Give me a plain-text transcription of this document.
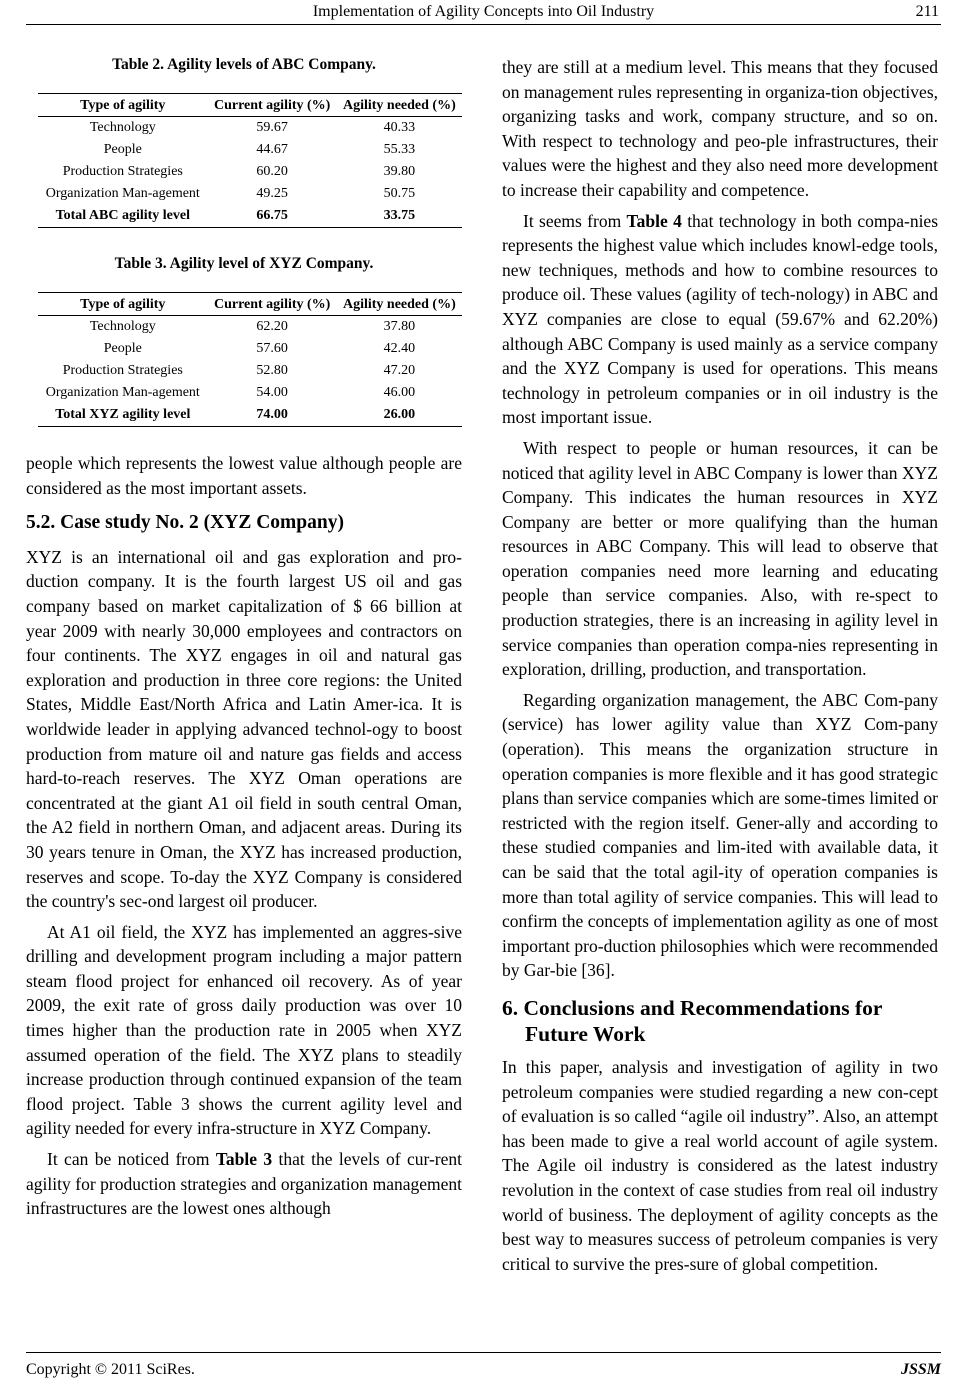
Implementation of Agility Concepts into Oil Industry	211

Table 2. Agility levels of ABC Company.

Type of agility	Current agility (%)	Agility needed (%)
Technology	59.67	40.33
People	44.67	55.33
Production Strategies	60.20	39.80
Organization Man-agement	49.25	50.75
Total ABC agility level	66.75	33.75

Table 3. Agility level of XYZ Company.

Type of agility	Current agility (%)	Agility needed (%)
Technology	62.20	37.80
People	57.60	42.40
Production Strategies	52.80	47.20
Organization Man-agement	54.00	46.00
Total XYZ agility level	74.00	26.00

people which represents the lowest value although people are considered as the most important assets.

5.2. Case study No. 2 (XYZ Company)

XYZ is an international oil and gas exploration and pro-duction company. It is the fourth largest US oil and gas company based on market capitalization of $ 66 billion at year 2009 with nearly 30,000 employees and contractors on four continents. The XYZ engages in oil and natural gas exploration and production in three core regions: the United States, Middle East/North Africa and Latin Amer-ica. It is worldwide leader in applying advanced technol-ogy to boost production from mature oil and nature gas fields and access hard-to-reach reserves. The XYZ Oman operations are concentrated at the giant A1 oil field in south central Oman, the A2 field in northern Oman, and adjacent areas. During its 30 years tenure in Oman, the XYZ has increased production, reserves and scope. To-day the XYZ Company is considered the country's sec-ond largest oil producer.

At A1 oil field, the XYZ has implemented an aggres-sive drilling and development program including a major pattern steam flood project for enhanced oil recovery. As of year 2009, the exit rate of gross daily production was over 10 times higher than the production rate in 2005 when XYZ assumed operation of the field. The XYZ plans to steadily increase production through continued expansion of the team flood project. Table 3 shows the current agility level and agility needed for every infra-structure in XYZ Company.

It can be noticed from Table 3 that the levels of cur-rent agility for production strategies and organization management infrastructures are the lowest ones although

they are still at a medium level. This means that they focused on management rules representing in organiza-tion objectives, organizing tasks and work, company structure, and so on. With respect to technology and peo-ple infrastructures, their values were the highest and they also need more development to increase their capability and competence.

It seems from Table 4 that technology in both compa-nies represents the highest value which includes knowl-edge tools, new techniques, methods and how to combine resources to produce oil. These values (agility of tech-nology) in ABC and XYZ companies are close to equal (59.67% and 62.20%) although ABC Company is used mainly as a service company and the XYZ Company is used for operations. This means technology in petroleum companies or in oil industry is the most important issue.

With respect to people or human resources, it can be noticed that agility level in ABC Company is lower than XYZ Company. This indicates the human resources in XYZ Company are better or more qualifying than the human resources in ABC Company. This will lead to observe that operation companies need more learning and educating people than service companies. Also, with re-spect to production strategies, there is an increasing in agility level in service companies than operation compa-nies representing in exploration, drilling, production, and transportation.

Regarding organization management, the ABC Com-pany (service) has lower agility value than XYZ Com-pany (operation). This means the organization structure in operation companies is more flexible and it has good strategic plans than service companies which are some-times limited or restricted with the region itself. Gener-ally and according to these studied companies and lim-ited with available data, it can be said that the total agil-ity of operation companies is more than total agility of service companies. This will lead to confirm the concepts of implementation agility as one of most important pro-duction philosophies which were recommended by Gar-bie [36].

6. Conclusions and Recommendations for
Future Work

In this paper, analysis and investigation of agility in two petroleum companies were studied regarding a new con-cept of evaluation is so called “agile oil industry”. Also, an attempt has been made to give a real world account of agile system. The Agile oil industry is considered as the latest industry revolution in the context of case studies from real oil industry world of business. The deployment of agility concepts as the best way to measures success of petroleum companies is very critical to survive the pres-sure of global competition.

Copyright © 2011 SciRes.	JSSM
